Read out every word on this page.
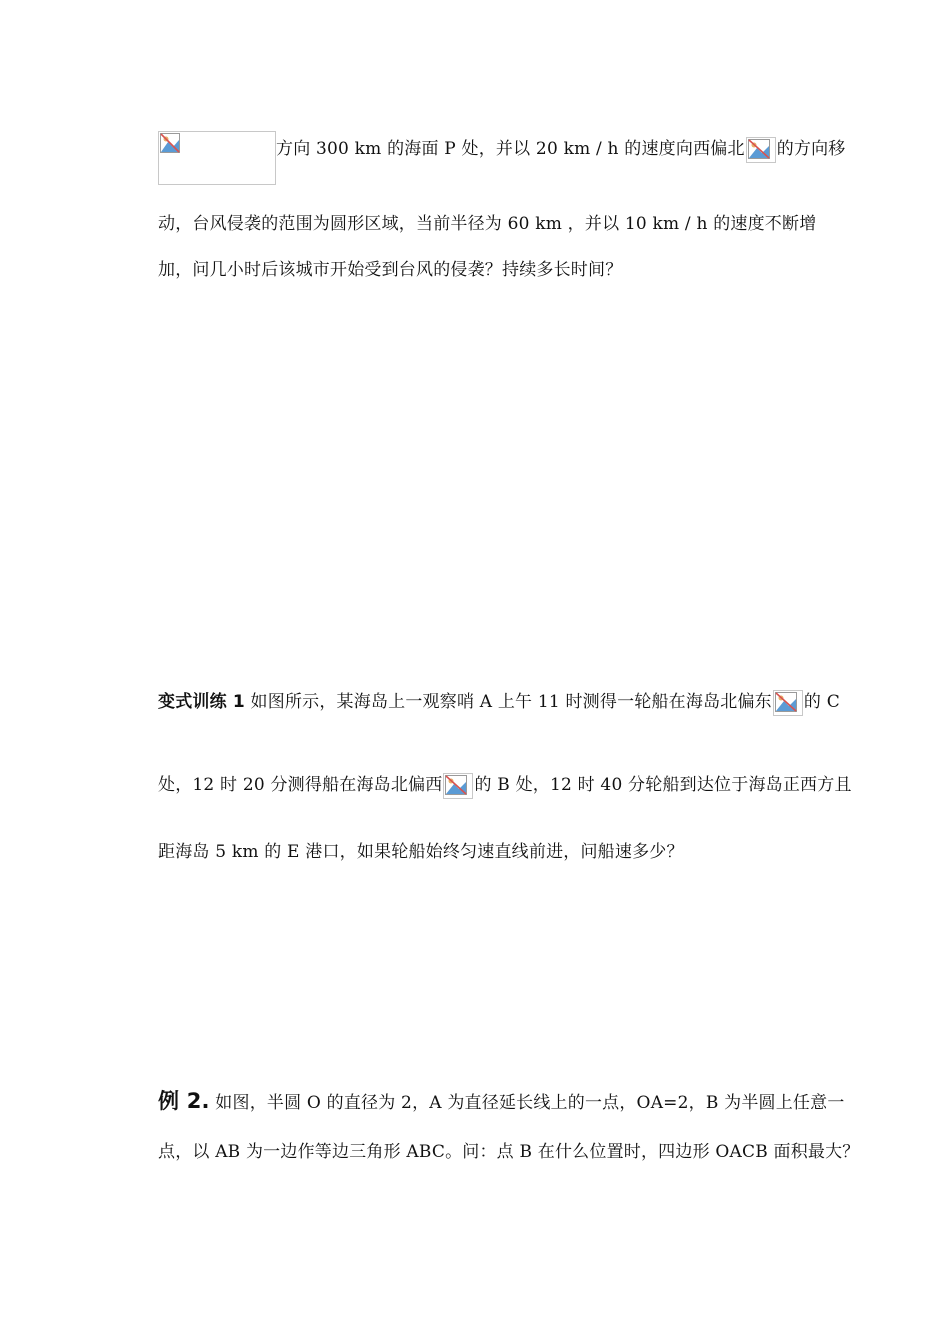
方向 300 km 的海面 P 处，并以 20 km / h 的速度向西偏北 的方向移
动，台风侵袭的范围为圆形区域，当前半径为 60 km ，并以 10 km / h 的速度不断增
加，问几小时后该城市开始受到台风的侵袭？持续多长时间？
变式训练 1 如图所示，某海岛上一观察哨 A 上午 11 时测得一轮船在海岛北偏东 的 C
处，12 时 20 分测得船在海岛北偏西 的 B 处，12 时 40 分轮船到达位于海岛正西方且
距海岛 5 km 的 E 港口，如果轮船始终匀速直线前进，问船速多少？
例 2. 如图，半圆 O 的直径为 2，A 为直径延长线上的一点，OA=2，B 为半圆上任意一
点，以 AB 为一边作等边三角形 ABC。问：点 B 在什么位置时，四边形 OACB 面积最大？
